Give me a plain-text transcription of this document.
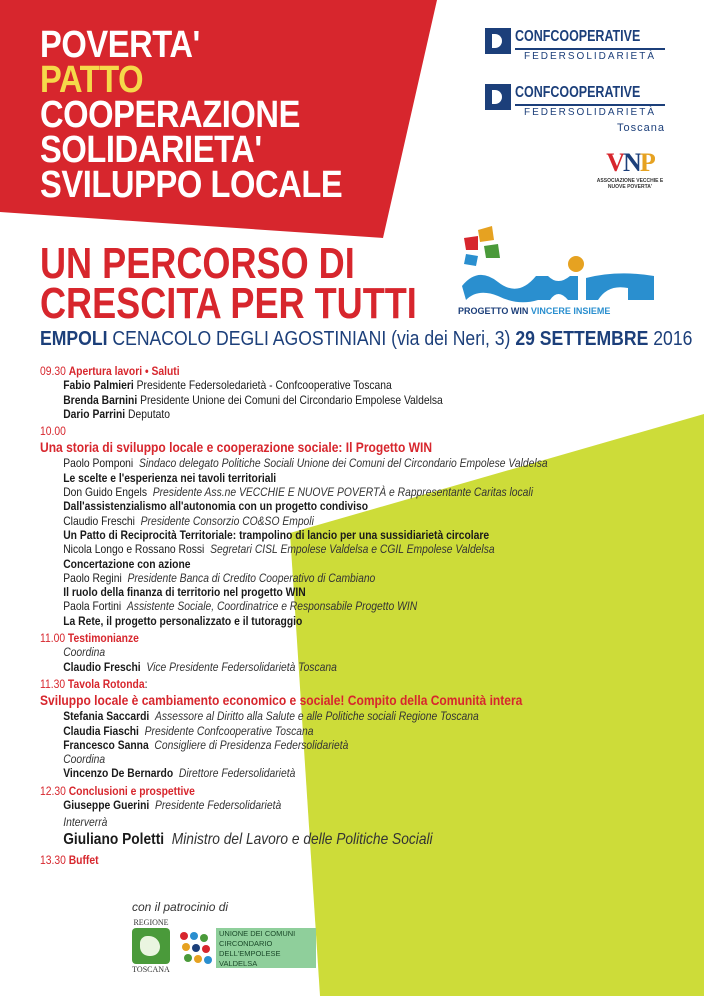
POVERTA'
PATTO
COOPERAZIONE
SOLIDARIETA'
SVILUPPO LOCALE
UN PERCORSO DI
CRESCITA PER TUTTI
CONFCOOPERATIVE
FEDERSOLIDARIETÀ
CONFCOOPERATIVE
FEDERSOLIDARIETÀ
Toscana
VNP
ASSOCIAZIONE VECCHIE E NUOVE POVERTA'
PROGETTO WIN VINCERE INSIEME
EMPOLI CENACOLO DEGLI AGOSTINIANI (via dei Neri, 3) 29 SETTEMBRE 2016
09.30 Apertura lavori • Saluti
Fabio Palmieri Presidente Federsoledarietà - Confcooperative Toscana
Brenda Barnini Presidente Unione dei Comuni del Circondario Empolese Valdelsa
Dario Parrini Deputato
10.00
Una storia di sviluppo locale e cooperazione sociale: Il Progetto WIN
Paolo Pomponi Sindaco delegato Politiche Sociali Unione dei Comuni del Circondario Empolese Valdelsa
Le scelte e l'esperienza nei tavoli territoriali
Don Guido Engels Presidente Ass.ne VECCHIE E NUOVE POVERTÀ e Rappresentante Caritas locali
Dall'assistenzialismo all'autonomia con un progetto condiviso
Claudio Freschi Presidente Consorzio CO&SO Empoli
Un Patto di Reciprocità Territoriale: trampolino di lancio per una sussidiarietà circolare
Nicola Longo e Rossano Rossi Segretari CISL Empolese Valdelsa e CGIL Empolese Valdelsa
Concertazione con azione
Paolo Regini Presidente Banca di Credito Cooperativo di Cambiano
Il ruolo della finanza di territorio nel progetto WIN
Paola Fortini Assistente Sociale, Coordinatrice e Responsabile Progetto WIN
La Rete, il progetto personalizzato e il tutoraggio
11.00 Testimonianze
Coordina
Claudio Freschi Vice Presidente Federsolidarietà Toscana
11.30 Tavola Rotonda:
Sviluppo locale è cambiamento economico e sociale! Compito della Comunità intera
Stefania Saccardi Assessore al Diritto alla Salute e alle Politiche sociali Regione Toscana
Claudia Fiaschi Presidente Confcooperative Toscana
Francesco Sanna Consigliere di Presidenza Federsolidarietà
Coordina
Vincenzo De Bernardo Direttore Federsolidarietà
12.30 Conclusioni e prospettive
Giuseppe Guerini Presidente Federsolidarietà
Interverrà
Giuliano Poletti Ministro del Lavoro e delle Politiche Sociali
13.30 Buffet
con il patrocinio di
REGIONE
TOSCANA
UNIONE DEI COMUNI
CIRCONDARIO
DELL'EMPOLESE VALDELSA
